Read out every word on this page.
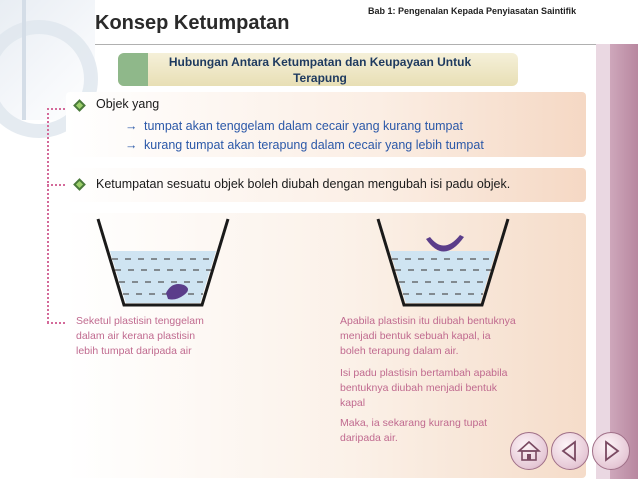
Bab 1: Pengenalan Kepada Penyiasatan Saintifik
Konsep Ketumpatan
Hubungan Antara Ketumpatan dan Keupayaan Untuk
Terapung
Objek yang
→ tumpat akan tenggelam dalam cecair yang kurang tumpat
→ kurang tumpat akan terapung dalam cecair yang lebih tumpat
Ketumpatan sesuatu objek boleh diubah dengan mengubah isi padu objek.
Seketul plastisin tenggelam
dalam air kerana plastisin
lebih tumpat daripada air
Apabila plastisin itu diubah bentuknya
menjadi bentuk sebuah kapal, ia
boleh terapung dalam air.
Isi padu plastisin bertambah apabila
bentuknya diubah menjadi bentuk
kapal
Maka, ia sekarang kurang tupat
daripada air.
